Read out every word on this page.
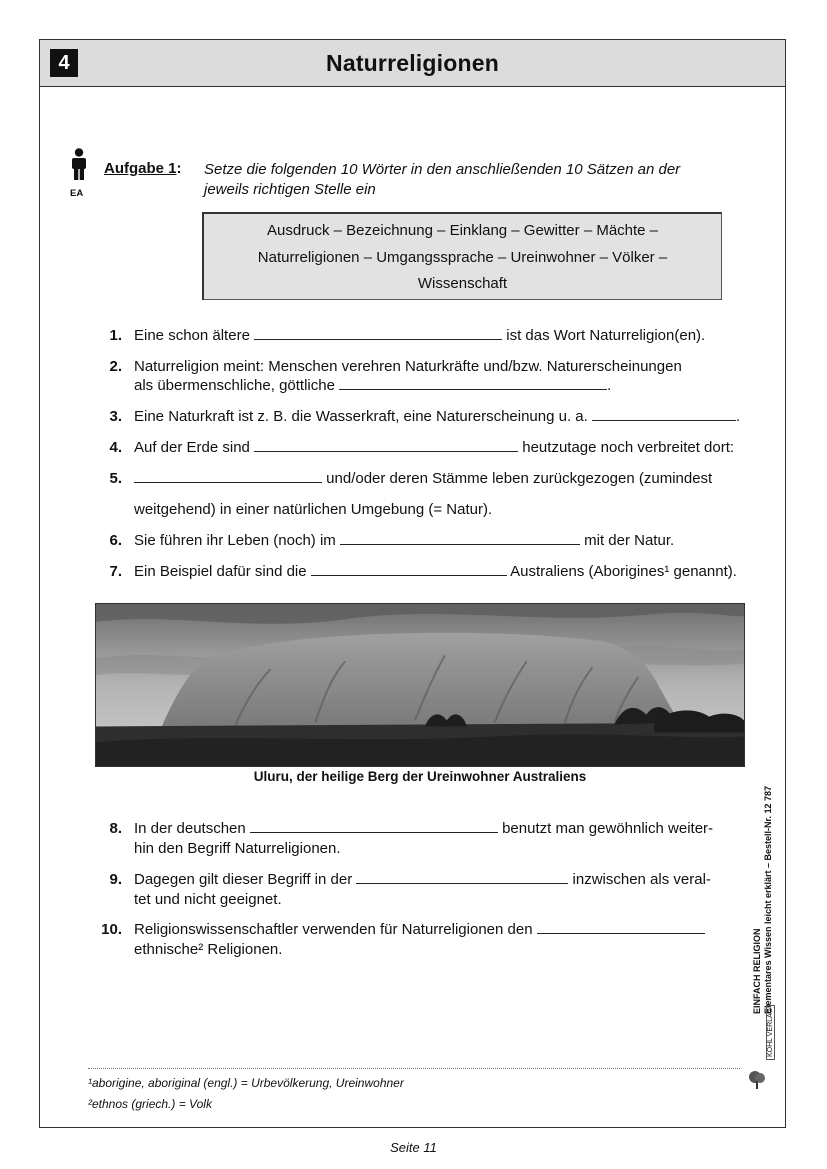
4	Naturreligionen
EA
Aufgabe 1: Setze die folgenden 10 Wörter in den anschließenden 10 Sätzen an der
jeweils richtigen Stelle ein
Ausdruck – Bezeichnung – Einklang – Gewitter – Mächte –
Naturreligionen – Umgangssprache – Ureinwohner – Völker –
Wissenschaft
1. Eine schon ältere	ist das Wort Naturreligion(en).
2. Naturreligion meint: Menschen verehren Naturkräfte und/bzw. Naturerscheinungen
als übermenschliche, göttliche	.
3. Eine Naturkraft ist z. B. die Wasserkraft, eine Naturerscheinung u. a.	.
4. Auf der Erde sind	heutzutage noch verbreitet dort:
5.	und/oder deren Stämme leben zurückgezogen (zumindest
weitgehend) in einer natürlichen Umgebung (= Natur).
6. Sie führen ihr Leben (noch) im	mit der Natur.
7. Ein Beispiel dafür sind die	Australiens (Aborigines¹ genannt).
Uluru, der heilige Berg der Ureinwohner Australiens
8. In der deutschen	benutzt man gewöhnlich weiter-
hin den Begriff Naturreligionen.
9. Dagegen gilt dieser Begriff in der	inzwischen als veral-
tet und nicht geeignet.
10. Religionswissenschaftler verwenden für Naturreligionen den
ethnische² Religionen.	EINFACH RELIGION Elementares Wissen leicht erklärt – Bestell-Nr. 12 787
KOHL VERLAG
¹aborigine, aboriginal (engl.) = Urbevölkerung, Ureinwohner
²ethnos (griech.) = Volk
Seite 11
